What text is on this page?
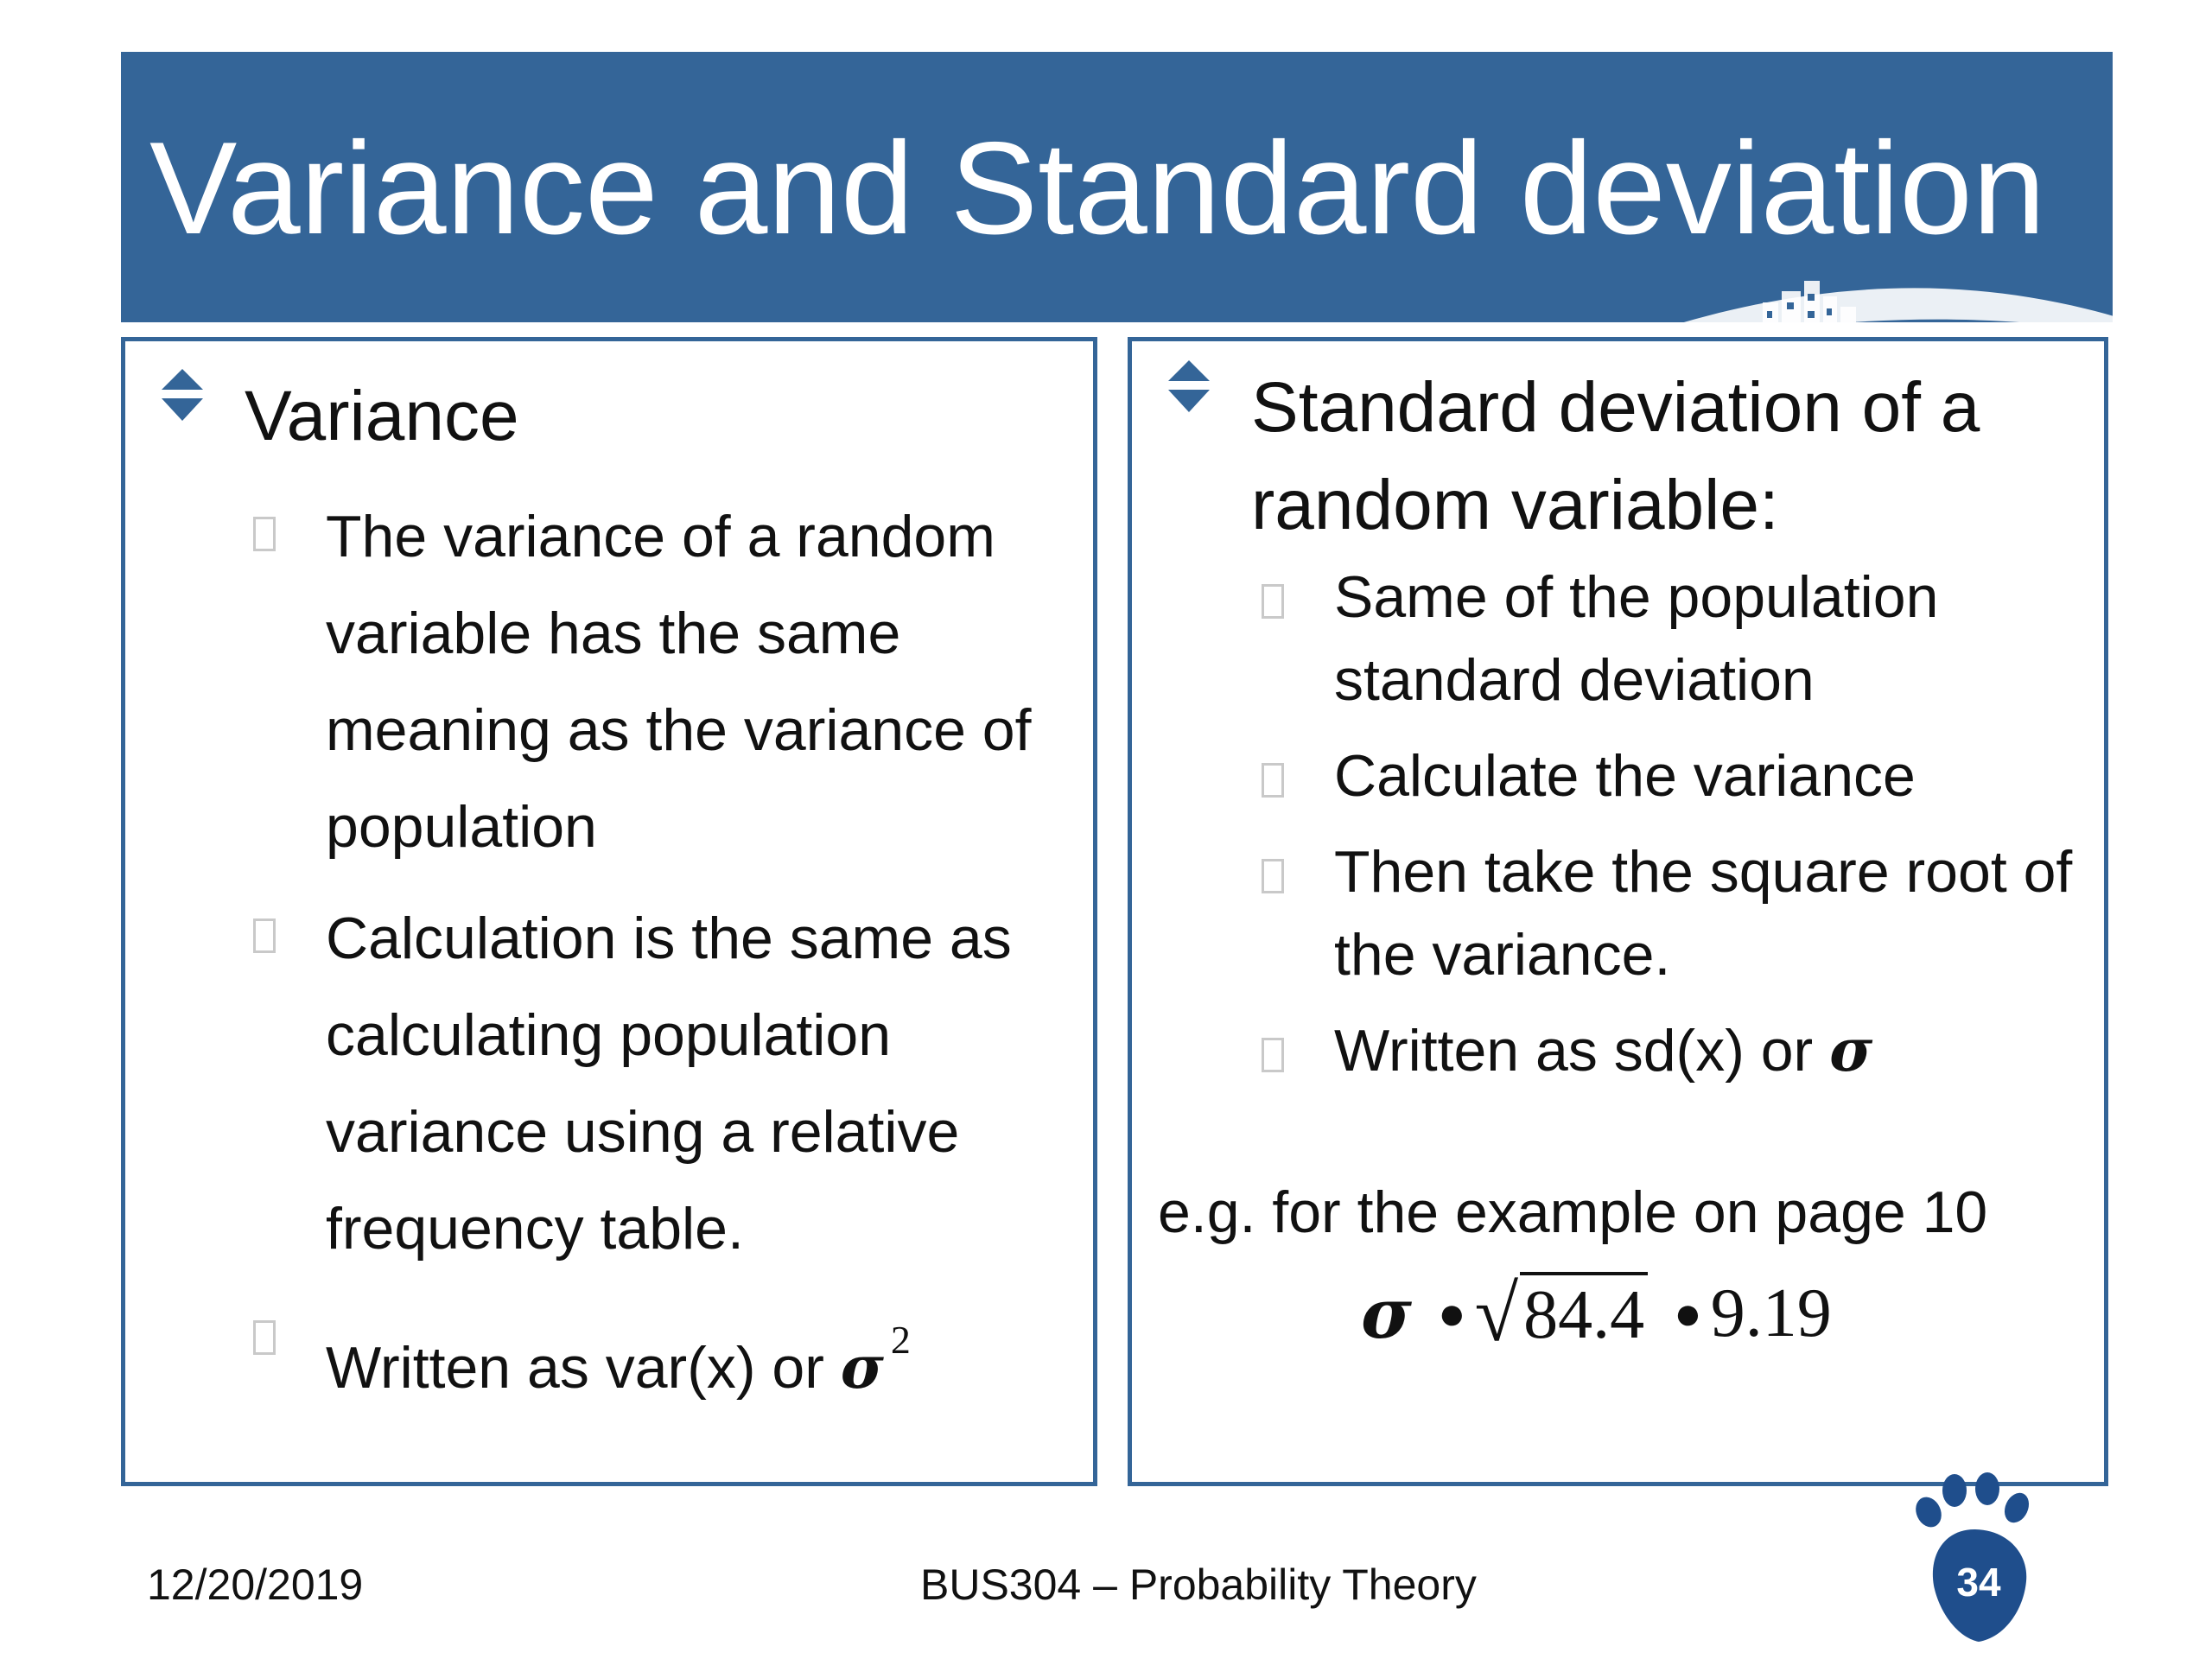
Variance and Standard deviation
Variance
The variance of a random variable has the same meaning as the variance of population
Calculation is the same as calculating population variance using a relative frequency table.
Written as var(x) or σ $^2$
Standard deviation of a random variable:
Same of the population standard deviation
Calculate the variance
Then take the square root of the variance.
Written as sd(x) or σ
e.g. for the example on page 10
σ ● √ 84.4 ● 9.19
12/20/2019	BUS304 – Probability Theory	34
